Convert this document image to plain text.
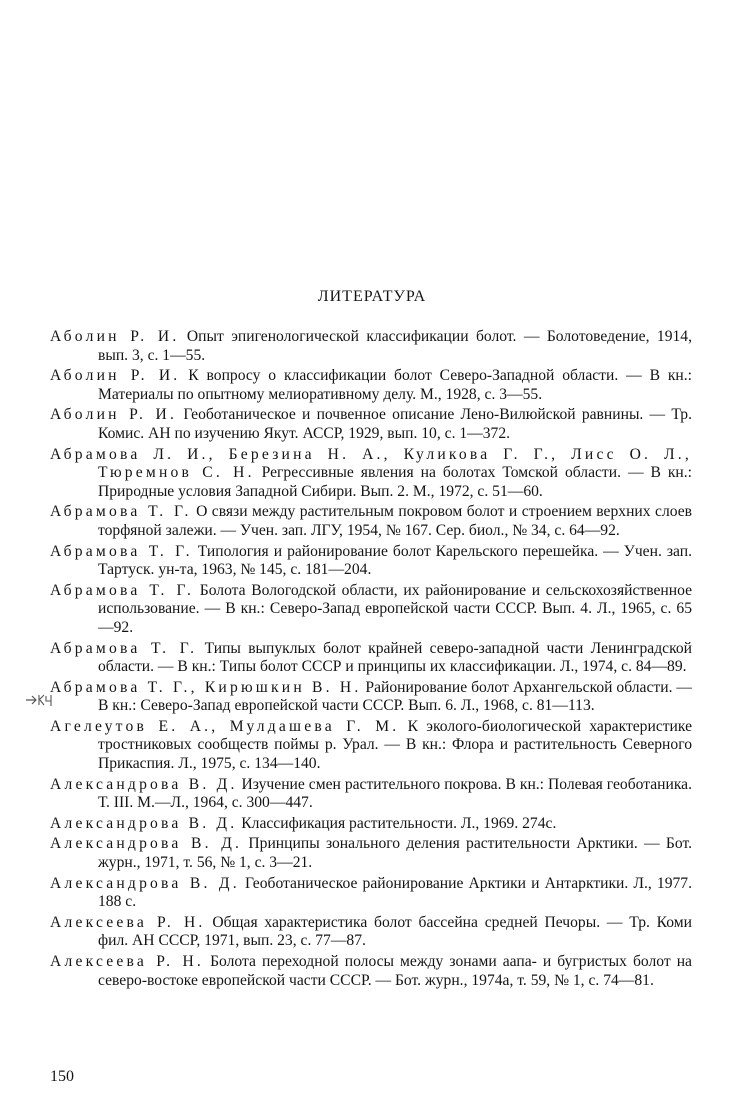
ЛИТЕРАТУРА

Аболин Р. И. Опыт эпигенологической классификации болот. — Болотоведение, 1914, вып. 3, с. 1—55.

Аболин Р. И. К вопросу о классификации болот Северо-Западной области. — В кн.: Материалы по опытному мелиоративному делу. М., 1928, с. 3—55.

Аболин Р. И. Геоботаническое и почвенное описание Лено-Вилюйской равнины. — Тр. Комис. АН по изучению Якут. АССР, 1929, вып. 10, с. 1—372.

Абрамова Л. И., Березина Н. А., Куликова Г. Г., Лисс О. Л., Тюремнов С. Н. Регрессивные явления на болотах Томской области. — В кн.: Природные условия Западной Сибири. Вып. 2. М., 1972, с. 51—60.

Абрамова Т. Г. О связи между растительным покровом болот и строением верхних слоев торфяной залежи. — Учен. зап. ЛГУ, 1954, № 167. Сер. биол., № 34, с. 64—92.

Абрамова Т. Г. Типология и районирование болот Карельского перешейка. — Учен. зап. Тартуск. ун-та, 1963, № 145, с. 181—204.

Абрамова Т. Г. Болота Вологодской области, их районирование и сельскохозяйственное использование. — В кн.: Северо-Запад европейской части СССР. Вып. 4. Л., 1965, с. 65—92.

Абрамова Т. Г. Типы выпуклых болот крайней северо-западной части Ленинградской области. — В кн.: Типы болот СССР и принципы их классификации. Л., 1974, с. 84—89.

Абрамова Т. Г., Кирюшкин В. Н. Районирование болот Архангельской области. — В кн.: Северо-Запад европейской части СССР. Вып. 6. Л., 1968, с. 81—113.

Агелеутов Е. А., Мулдашева Г. М. К эколого-биологической характеристике тростниковых сообществ поймы р. Урал. — В кн.: Флора и растительность Северного Прикаспия. Л., 1975, с. 134—140.

Александрова В. Д. Изучение смен растительного покрова. В кн.: Полевая геоботаника. Т. III. М.—Л., 1964, с. 300—447.

Александрова В. Д. Классификация растительности. Л., 1969. 274с.

Александрова В. Д. Принципы зонального деления растительности Арктики. — Бот. журн., 1971, т. 56, № 1, с. 3—21.

Александрова В. Д. Геоботаническое районирование Арктики и Антарктики. Л., 1977. 188 с.

Алексеева Р. Н. Общая характеристика болот бассейна средней Печоры. — Тр. Коми фил. АН СССР, 1971, вып. 23, с. 77—87.

Алексеева Р. Н. Болота переходной полосы между зонами аапа- и бугристых болот на северо-востоке европейской части СССР. — Бот. журн., 1974а, т. 59, № 1, с. 74—81.

150
